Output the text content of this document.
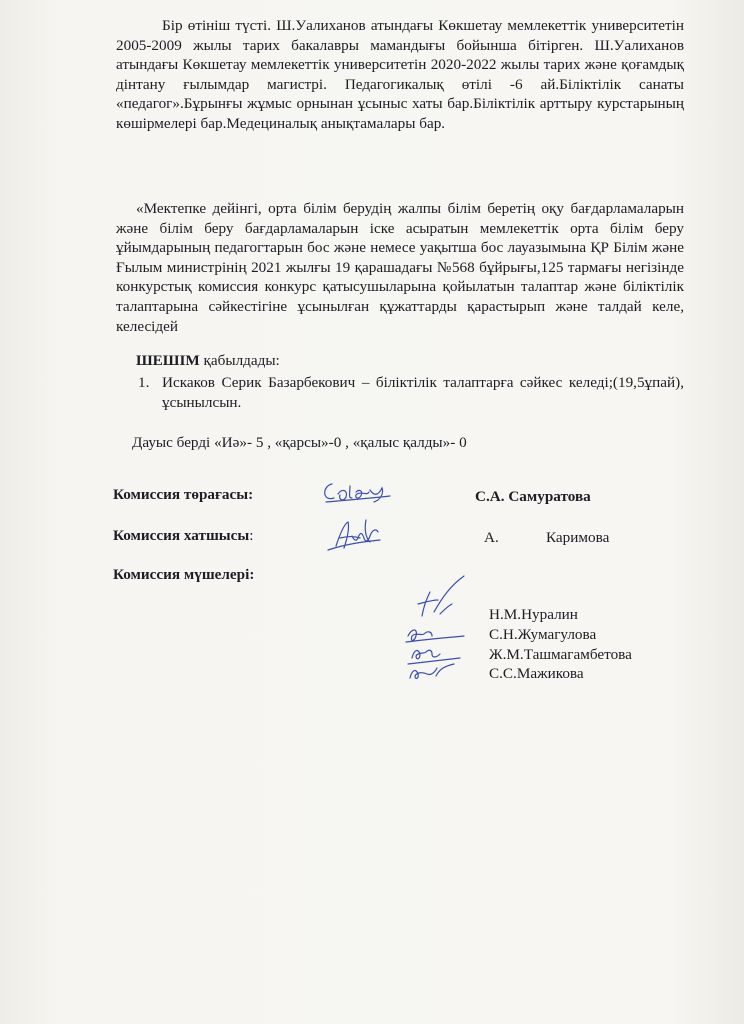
Бір өтініш түсті. Ш.Уалиханов атындағы Көкшетау мемлекеттік университетін 2005-2009 жылы тарих бакалавры мамандығы бойынша бітірген. Ш.Уалиханов атындағы Көкшетау мемлекеттік университетін 2020-2022 жылы тарих және қоғамдық дінтану ғылымдар магистрі. Педагогикалық өтілі -6 ай.Біліктілік санаты «педагог».Бұрынғы жұмыс орнынан ұсыныс хаты бар.Біліктілік арттыру курстарының көшірмелері бар.Медециналық анықтамалары бар.

«Мектепке дейінгі, орта білім берудің жалпы білім беретің оқу бағдарламаларын және білім беру бағдарламаларын іске асыратын мемлекеттік орта білім беру ұйымдарының педагогтарын бос және немесе уақытша бос лауазымына ҚР Білім және Ғылым министрінің 2021 жылғы 19 қарашадағы №568 бұйрығы,125 тармағы негізінде конкурстық комиссия конкурс қатысушыларына қойылатын талаптар және біліктілік талаптарына сәйкестігіне ұсынылған құжаттарды қарастырып және талдай келе, келесідей

ШЕШІМ қабылдады:
1. Искаков Серик Базарбекович – біліктілік талаптарға сәйкес келеді;(19,5ұпай), ұсынылсын.
Дауыс берді «Иә»- 5 , «қарсы»-0 , «қалыс қалды»- 0
Комиссия төрағасы:	С.А. Самуратова
Комиссия хатшысы:	А.	Каримова
Комиссия мүшелері:
Н.М.Нуралин
С.Н.Жумагулова
Ж.М.Ташмагамбетова
С.С.Мажикова
